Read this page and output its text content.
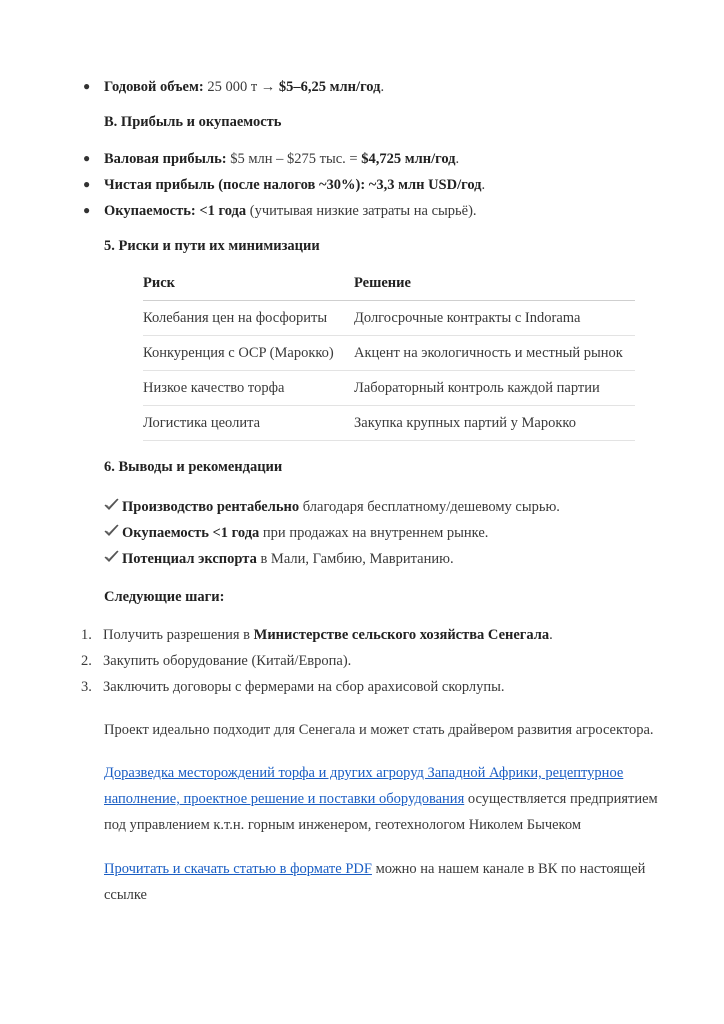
● Годовой объем: 25 000 т → $5–6,25 млн/год.
B. Прибыль и окупаемость
● Валовая прибыль: $5 млн – $275 тыс. = $4,725 млн/год.
● Чистая прибыль (после налогов ~30%): ~3,3 млн USD/год.
● Окупаемость: <1 года (учитывая низкие затраты на сырьё).
5. Риски и пути их минимизации
Риск	Решение
Колебания цен на фосфориты	Долгосрочные контракты с Indorama
Конкуренция с OCP (Марокко)	Акцент на экологичность и местный рынок
Низкое качество торфа	Лабораторный контроль каждой партии
Логистика цеолита	Закупка крупных партий у Марокко
6. Выводы и рекомендации
Производство рентабельно благодаря бесплатному/дешевому сырью.
Окупаемость <1 года при продажах на внутреннем рынке.
Потенциал экспорта в Мали, Гамбию, Мавританию.
Следующие шаги:
1. Получить разрешения в Министерстве сельского хозяйства Сенегала.
2. Закупить оборудование (Китай/Европа).
3. Заключить договоры с фермерами на сбор арахисовой скорлупы.
Проект идеально подходит для Сенегала и может стать драйвером развития агросектора.
Доразведка месторождений торфа и других агроруд Западной Африки, рецептурное наполнение, проектное решение и поставки оборудования осуществляется предприятием под управлением к.т.н. горным инженером, геотехнологом Николем Бычеком
Прочитать и скачать статью в формате PDF можно на нашем канале в ВК по настоящей ссылке
